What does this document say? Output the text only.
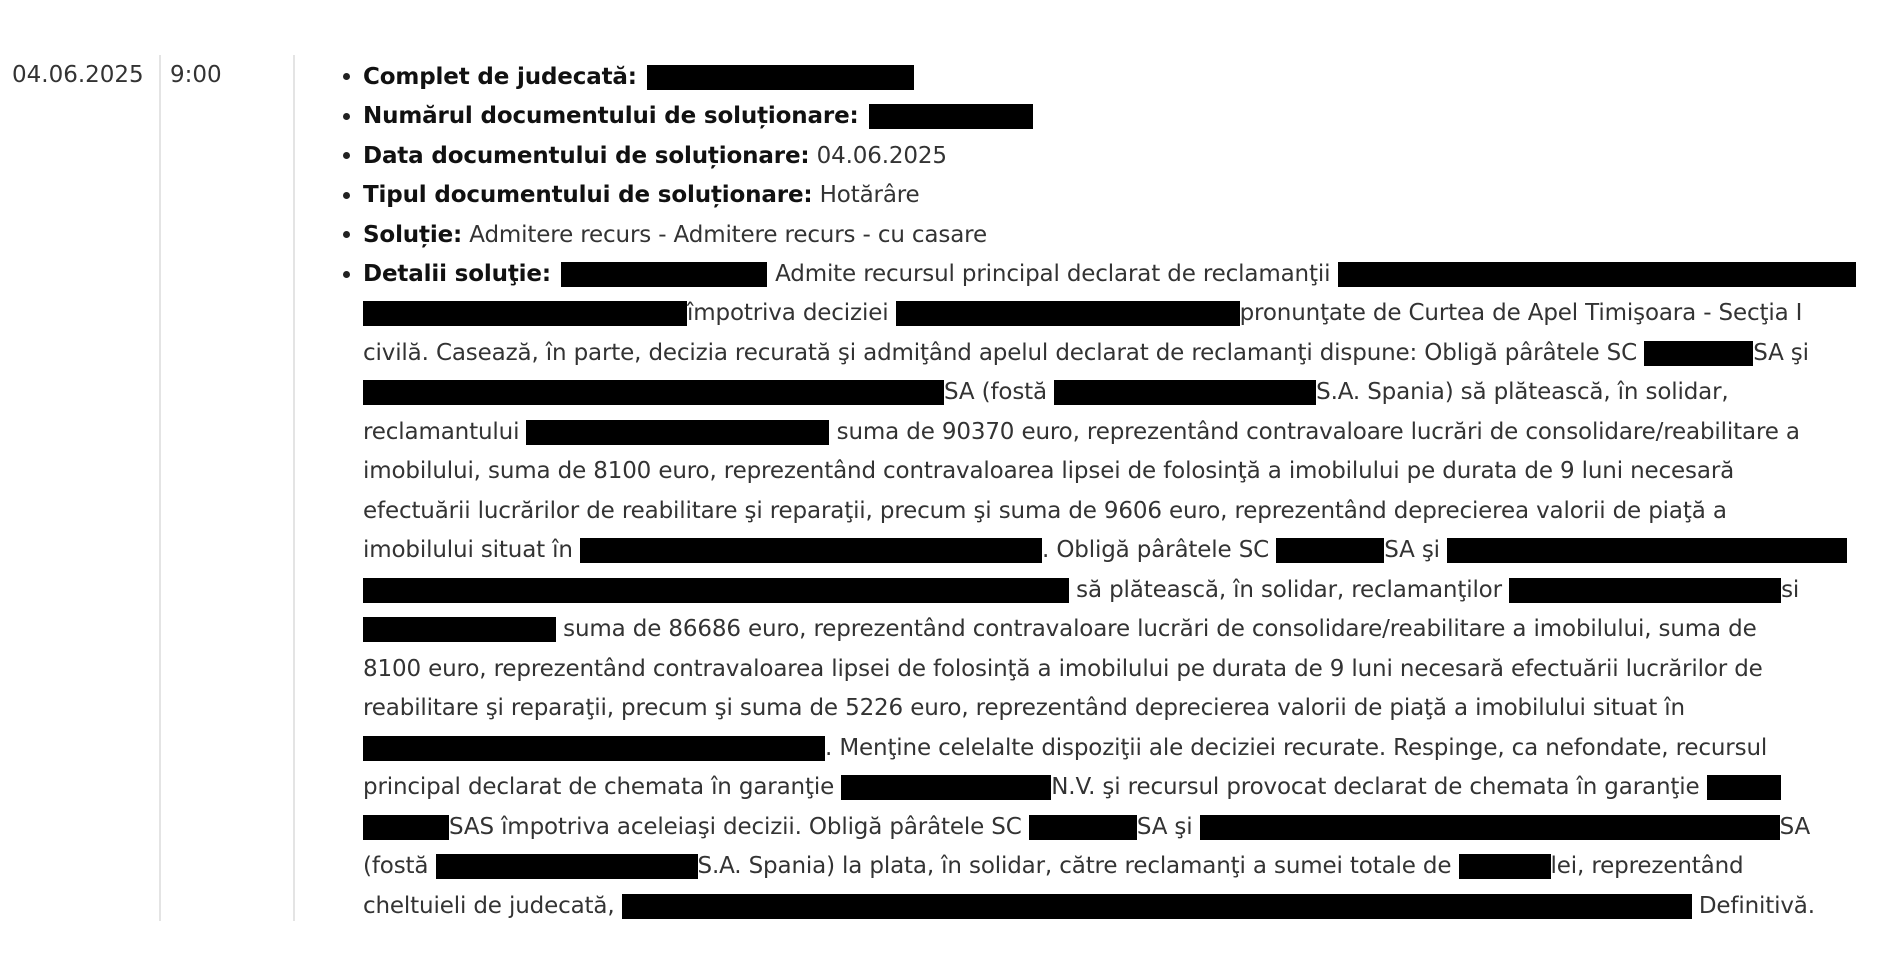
04.06.2025 9:00	Complet de judecată:

Numărul documentului de soluționare:

Data documentului de soluționare: 04.06.2025
Tipul documentului de soluționare: Hotărâre
Soluție: Admitere recurs - Admitere recurs - cu casare
Detalii soluţie:
	Admite recursul principal declarat de reclamanţii
împotriva deciziei	pronunţate de Curtea de Apel Timişoara - Secţia I
civilă. Casează, în parte, decizia recurată şi admiţând apelul declarat de reclamanţi dispune: Obligă pârâtele SC	SA şi
SA (fostă	S.A. Spania) să plătească, în solidar,
reclamantului	suma de 90370 euro, reprezentând contravaloare lucrări de consolidare/reabilitare a
imobilului, suma de 8100 euro, reprezentând contravaloarea lipsei de folosinţă a imobilului pe durata de 9 luni necesară
efectuării lucrărilor de reabilitare şi reparaţii, precum şi suma de 9606 euro, reprezentând deprecierea valorii de piaţă a
imobilului situat în	. Obligă pârâtele SC	SA şi
să plătească, în solidar, reclamanţilor	si
suma de 86686 euro, reprezentând contravaloare lucrări de consolidare/reabilitare a imobilului, suma de
8100 euro, reprezentând contravaloarea lipsei de folosinţă a imobilului pe durata de 9 luni necesară efectuării lucrărilor de
reabilitare şi reparaţii, precum şi suma de 5226 euro, reprezentând deprecierea valorii de piaţă a imobilului situat în
. Menţine celelalte dispoziţii ale deciziei recurate. Respinge, ca nefondate, recursul
principal declarat de chemata în garanţie	N.V. şi recursul provocat declarat de chemata în garanţie
SAS împotriva aceleiaşi decizii. Obligă pârâtele SC	SA şi	SA
(fostă	S.A. Spania) la plata, în solidar, către reclamanţi a sumei totale de	lei, reprezentând
cheltuieli de judecată,	Definitivă.
